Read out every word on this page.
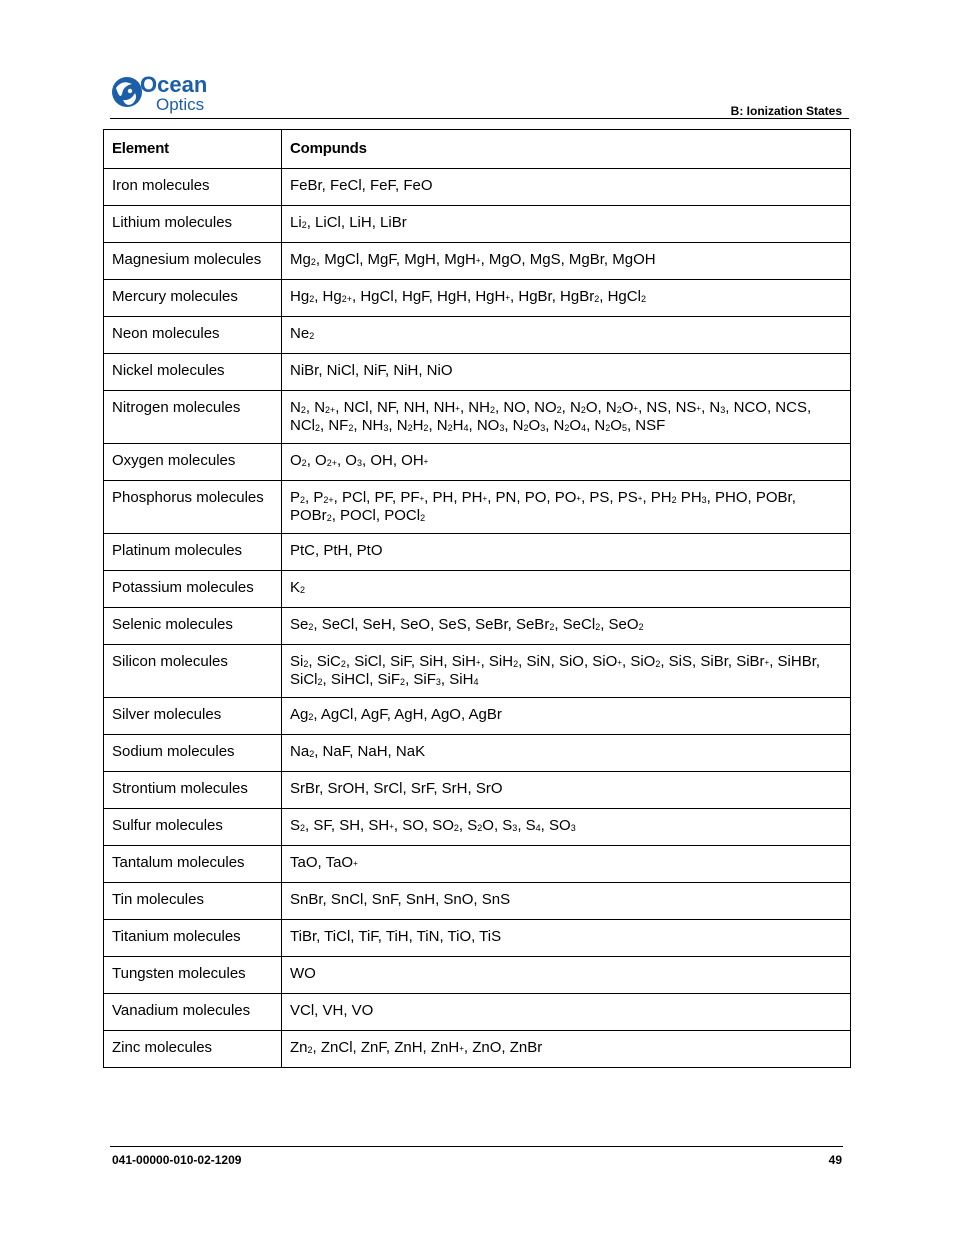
Ocean
Optics	B: Ionization States
Element	Compunds
Iron molecules	FeBr, FeCl, FeF, FeO
Lithium molecules	$Li_2$, LiCl, LiH, LiBr
Magnesium molecules	$Mg_2$, MgCl, MgF, MgH, MgH+, MgO, MgS, MgBr, MgOH
Mercury molecules	$Hg_2$, $Hg_{2+}$, HgCl, HgF, HgH, HgH+, HgBr, HgBr$_2$, HgCl$_2$
Neon molecules	$Ne_2$
Nickel molecules	NiBr, NiCl, NiF, NiH, NiO
Nitrogen molecules	$N_2$, $N_{2+}$, NCl, NF, NH, NH+, $NH_2$, NO, $NO_2$, $N_2O$, $N_2O^+$, NS, NS+, $N_3$, NCO, NCS, NCl$_2$, $NF_2$, $NH_3$, $N_2H_2$, $N_2H_4$, $NO_3$, $N_2O_3$, $N_2O_4$, $N_2O_5$, NSF
Oxygen molecules	$O_2$, $O_{2+}$, $O_3$, OH, OH+
Phosphorus molecules	$P_2$, $P_{2+}$, PCl, PF, PF+, PH, PH+, PN, PO, PO+, PS, PS+, $PH_2$ $PH_3$, PHO, POBr, POBr$_2$, POCl, POCl$_2$
Platinum molecules	PtC, PtH, PtO
Potassium molecules	$K_2$
Selenic molecules	$Se_2$, SeCl, SeH, SeO, SeS, SeBr, SeBr$_2$, SeCl$_2$, SeO$_2$
Silicon molecules	$Si_2$, SiC$_2$, SiCl, SiF, SiH, SiH+, SiH$_2$, SiN, SiO, SiO+, SiO$_2$, SiS, SiBr, SiBr+, SiHBr, SiCl$_2$, SiHCl, SiF$_2$, SiF$_3$, SiH$_4$
Silver molecules	$Ag_2$, AgCl, AgF, AgH, AgO, AgBr
Sodium molecules	$Na_2$, NaF, NaH, NaK
Strontium molecules	SrBr, SrOH, SrCl, SrF, SrH, SrO
Sulfur molecules	$S_2$, SF, SH, SH+, SO, $SO_2$, $S_2O$, $S_3$, $S_4$, $SO_3$
Tantalum molecules	TaO, TaO+
Tin molecules	SnBr, SnCl, SnF, SnH, SnO, SnS
Titanium molecules	TiBr, TiCl, TiF, TiH, TiN, TiO, TiS
Tungsten molecules	WO
Vanadium molecules	VCl, VH, VO
Zinc molecules	$Zn_2$, ZnCl, ZnF, ZnH, ZnH+, ZnO, ZnBr
041-00000-010-02-1209	49
